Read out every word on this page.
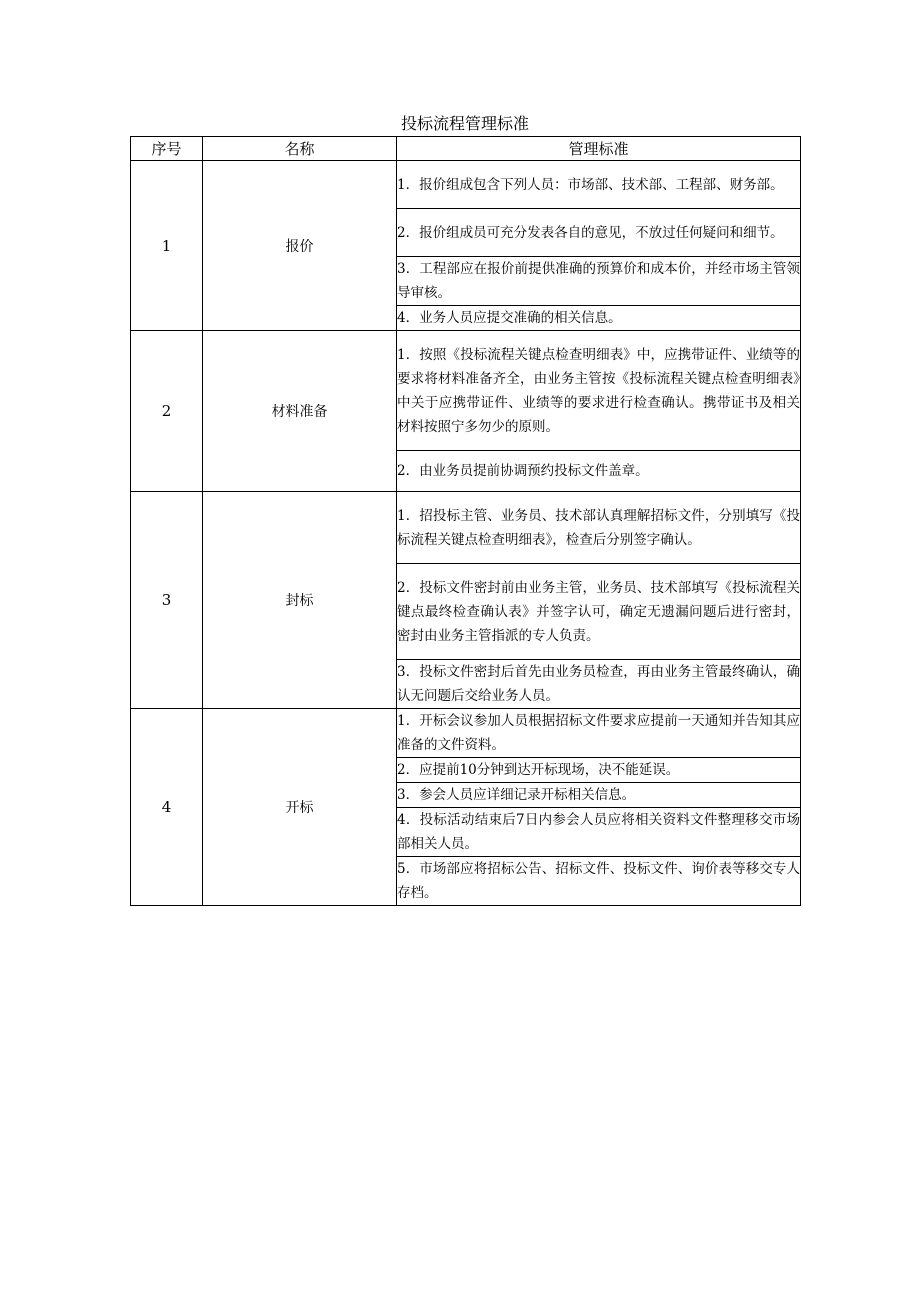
投标流程管理标准
序号	名称	管理标准
1	报价	1．报价组成包含下列人员：市场部、技术部、工程部、财务部。
		2．报价组成员可充分发表各自的意见，不放过任何疑问和细节。
		3．工程部应在报价前提供准确的预算价和成本价，并经市场主管领导审核。
		4．业务人员应提交准确的相关信息。
2	材料准备	1．按照《投标流程关键点检查明细表》中，应携带证件、业绩等的要求将材料准备齐全，由业务主管按《投标流程关键点检查明细表》中关于应携带证件、业绩等的要求进行检查确认。携带证书及相关材料按照宁多勿少的原则。
		2．由业务员提前协调预约投标文件盖章。
3	封标	1．招投标主管、业务员、技术部认真理解招标文件，分别填写《投标流程关键点检查明细表》，检查后分别签字确认。
		2．投标文件密封前由业务主管，业务员、技术部填写《投标流程关键点最终检查确认表》并签字认可，确定无遗漏问题后进行密封，密封由业务主管指派的专人负责。
		3．投标文件密封后首先由业务员检查，再由业务主管最终确认，确认无问题后交给业务人员。
4	开标	1．开标会议参加人员根据招标文件要求应提前一天通知并告知其应准备的文件资料。
		2．应提前10分钟到达开标现场，决不能延误。
		3．参会人员应详细记录开标相关信息。
		4．投标活动结束后7日内参会人员应将相关资料文件整理移交市场部相关人员。
		5．市场部应将招标公告、招标文件、投标文件、询价表等移交专人存档。
